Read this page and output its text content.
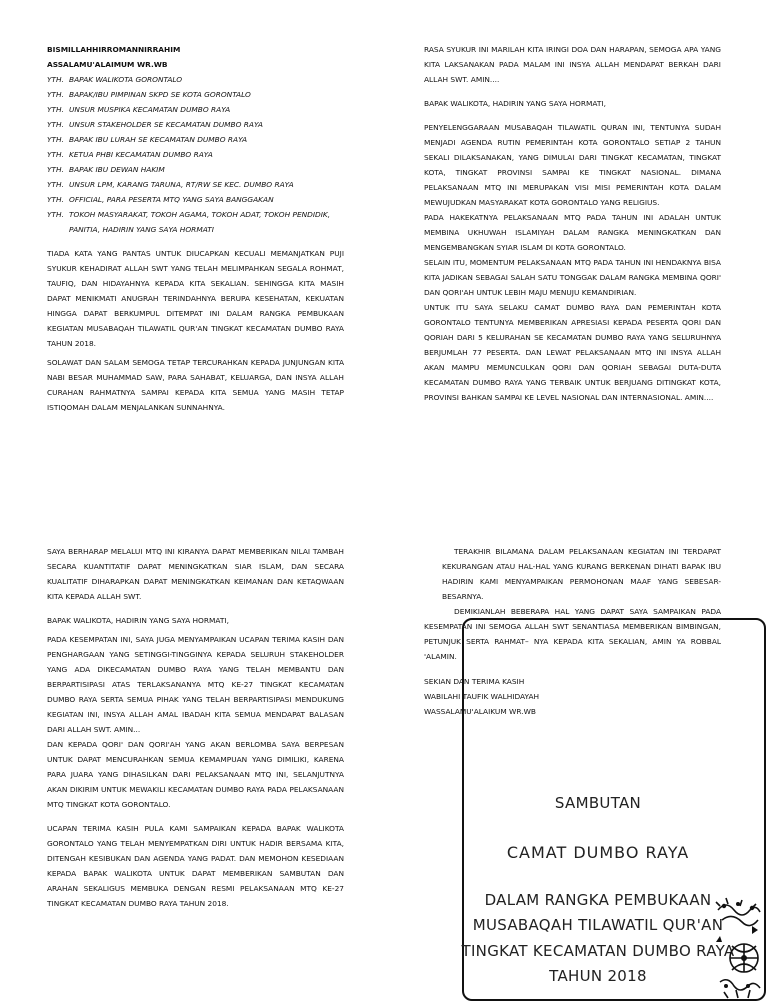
BISMILLAHHIRROMANNIRRAHIM

ASSALAMU'ALAIMUM WR.WB

YTH. BAPAK WALIKOTA GORONTALO
YTH. BAPAK/IBU PIMPINAN SKPD SE KOTA GORONTALO
YTH. UNSUR MUSPIKA KECAMATAN DUMBO RAYA
YTH. UNSUR STAKEHOLDER SE KECAMATAN DUMBO RAYA
YTH. BAPAK IBU LURAH SE KECAMATAN DUMBO RAYA
YTH. KETUA PHBI KECAMATAN DUMBO RAYA
YTH. BAPAK IBU DEWAN HAKIM
YTH. UNSUR LPM, KARANG TARUNA, RT/RW SE KEC. DUMBO RAYA
YTH. OFFICIAL, PARA PESERTA MTQ YANG SAYA BANGGAKAN
YTH. TOKOH MASYARAKAT, TOKOH AGAMA, TOKOH ADAT, TOKOH PENDIDIK, PANITIA, HADIRIN YANG SAYA HORMATI

TIADA KATA YANG PANTAS UNTUK DIUCAPKAN KECUALI MEMANJATKAN PUJI SYUKUR KEHADIRAT ALLAH SWT YANG TELAH MELIMPAHKAN SEGALA ROHMAT, TAUFIQ, DAN HIDAYAHNYA KEPADA KITA SEKALIAN. SEHINGGA KITA MASIH DAPAT MENIKMATI ANUGRAH TERINDAHNYA BERUPA KESEHATAN, KEKUATAN HINGGA DAPAT BERKUMPUL DITEMPAT INI DALAM RANGKA PEMBUKAAN KEGIATAN MUSABAQAH TILAWATIL QUR'AN TINGKAT KECAMATAN DUMBO RAYA TAHUN 2018.

SOLAWAT DAN SALAM SEMOGA TETAP TERCURAHKAN KEPADA JUNJUNGAN KITA NABI BESAR MUHAMMAD SAW, PARA SAHABAT, KELUARGA, DAN INSYA ALLAH CURAHAN RAHMATNYA SAMPAI KEPADA KITA SEMUA YANG MASIH TETAP ISTIQOMAH DALAM MENJALANKAN SUNNAHNYA.

RASA SYUKUR INI MARILAH KITA IRINGI DOA DAN HARAPAN, SEMOGA APA YANG KITA LAKSANAKAN PADA MALAM INI INSYA ALLAH MENDAPAT BERKAH DARI ALLAH SWT. AMIN....

BAPAK WALIKOTA, HADIRIN YANG SAYA HORMATI,

PENYELENGGARAAN MUSABAQAH TILAWATIL QURAN INI, TENTUNYA SUDAH MENJADI AGENDA RUTIN PEMERINTAH KOTA GORONTALO SETIAP 2 TAHUN SEKALI DILAKSANAKAN, YANG DIMULAI DARI TINGKAT KECAMATAN, TINGKAT KOTA, TINGKAT PROVINSI SAMPAI KE TINGKAT NASIONAL. DIMANA PELAKSANAAN MTQ INI MERUPAKAN VISI MISI PEMERINTAH KOTA DALAM MEWUJUDKAN MASYARAKAT KOTA GORONTALO YANG RELIGIUS.

PADA HAKEKATNYA PELAKSANAAN MTQ PADA TAHUN INI ADALAH UNTUK MEMBINA UKHUWAH ISLAMIYAH DALAM RANGKA MENINGKATKAN DAN MENGEMBANGKAN SYIAR ISLAM DI KOTA GORONTALO.

SELAIN ITU, MOMENTUM PELAKSANAAN MTQ PADA TAHUN INI HENDAKNYA BISA KITA JADIKAN SEBAGAI SALAH SATU TONGGAK DALAM RANGKA MEMBINA QORI' DAN QORI'AH UNTUK LEBIH MAJU MENUJU KEMANDIRIAN.

UNTUK ITU SAYA SELAKU CAMAT DUMBO RAYA DAN PEMERINTAH KOTA GORONTALO TENTUNYA MEMBERIKAN APRESIASI KEPADA PESERTA QORI DAN QORIAH DARI 5 KELURAHAN SE KECAMATAN DUMBO RAYA YANG SELURUHNYA BERJUMLAH 77 PESERTA. DAN LEWAT PELAKSANAAN MTQ INI INSYA ALLAH AKAN MAMPU MEMUNCULKAN QORI DAN QORIAH SEBAGAI DUTA-DUTA KECAMATAN DUMBO RAYA YANG TERBAIK UNTUK BERJUANG DITINGKAT KOTA, PROVINSI BAHKAN SAMPAI KE LEVEL NASIONAL DAN INTERNASIONAL. AMIN....

SAYA BERHARAP MELALUI MTQ INI KIRANYA DAPAT MEMBERIKAN NILAI TAMBAH SECARA KUANTITATIF DAPAT MENINGKATKAN SIAR ISLAM, DAN SECARA KUALITATIF DIHARAPKAN DAPAT MENINGKATKAN KEIMANAN DAN KETAQWAAN KITA KEPADA ALLAH SWT.

BAPAK WALIKOTA, HADIRIN YANG SAYA HORMATI,

PADA KESEMPATAN INI, SAYA JUGA MENYAMPAIKAN UCAPAN TERIMA KASIH DAN PENGHARGAAN YANG SETINGGI-TINGGINYA KEPADA SELURUH STAKEHOLDER YANG ADA DIKECAMATAN DUMBO RAYA YANG TELAH MEMBANTU DAN BERPARTISIPASI ATAS TERLAKSANANYA MTQ KE-27 TINGKAT KECAMATAN DUMBO RAYA SERTA SEMUA PIHAK YANG TELAH BERPARTISIPASI MENDUKUNG KEGIATAN INI, INSYA ALLAH AMAL IBADAH KITA SEMUA MENDAPAT BALASAN DARI ALLAH SWT. AMIN...

DAN KEPADA QORI' DAN QORI'AH YANG AKAN BERLOMBA SAYA BERPESAN UNTUK DAPAT MENCURAHKAN SEMUA KEMAMPUAN YANG DIMILIKI, KARENA PARA JUARA YANG DIHASILKAN DARI PELAKSANAAN MTQ INI, SELANJUTNYA AKAN DIKIRIM UNTUK MEWAKILI KECAMATAN DUMBO RAYA PADA PELAKSANAAN MTQ TINGKAT KOTA GORONTALO.

UCAPAN TERIMA KASIH PULA KAMI SAMPAIKAN KEPADA BAPAK WALIKOTA GORONTALO YANG TELAH MENYEMPATKAN DIRI UNTUK HADIR BERSAMA KITA, DITENGAH KESIBUKAN DAN AGENDA YANG PADAT. DAN MEMOHON KESEDIAAN KEPADA BAPAK WALIKOTA UNTUK DAPAT MEMBERIKAN SAMBUTAN DAN ARAHAN SEKALIGUS MEMBUKA DENGAN RESMI PELAKSANAAN MTQ KE-27 TINGKAT KECAMATAN DUMBO RAYA TAHUN 2018.

TERAKHIR BILAMANA DALAM PELAKSANAAN KEGIATAN INI TERDAPAT KEKURANGAN ATAU HAL-HAL YANG KURANG BERKENAN DIHATI BAPAK IBU HADIRIN KAMI MENYAMPAIKAN PERMOHONAN MAAF YANG SEBESAR-BESARNYA.

DEMIKIANLAH BEBERAPA HAL YANG DAPAT SAYA SAMPAIKAN PADA KESEMPATAN INI SEMOGA ALLAH SWT SENANTIASA MEMBERIKAN BIMBINGAN, PETUNJUK SERTA RAHMAT– NYA KEPADA KITA SEKALIAN, AMIN YA ROBBAL 'ALAMIN.

SEKIAN DAN TERIMA KASIH

WABILAHI TAUFIK WALHIDAYAH

WASSALAMU'ALAIKUM WR.WB

SAMBUTAN
CAMAT DUMBO RAYA
DALAM RANGKA PEMBUKAAN
MUSABAQAH TILAWATIL QUR'AN
TINGKAT KECAMATAN DUMBO RAYA
TAHUN 2018
